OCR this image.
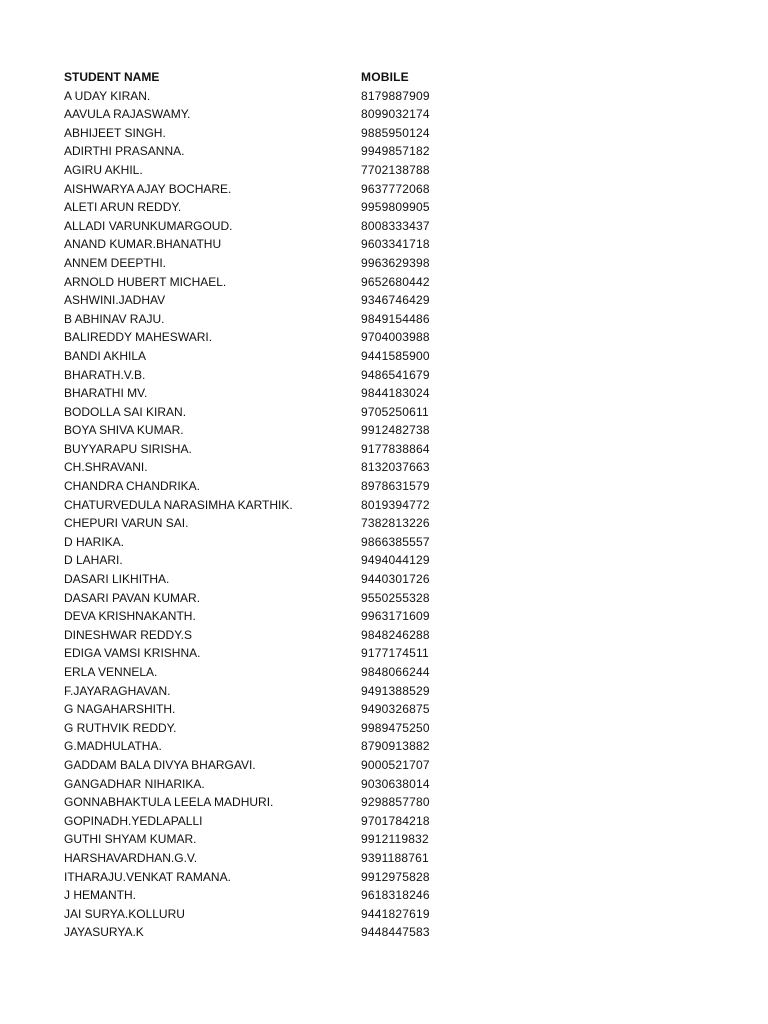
STUDENT NAME	MOBILE
A UDAY KIRAN.	8179887909
AAVULA RAJASWAMY.	8099032174
ABHIJEET SINGH.	9885950124
ADIRTHI PRASANNA.	9949857182
AGIRU AKHIL.	7702138788
AISHWARYA AJAY BOCHARE.	9637772068
ALETI ARUN REDDY.	9959809905
ALLADI VARUNKUMARGOUD.	8008333437
ANAND KUMAR.BHANATHU	9603341718
ANNEM DEEPTHI.	9963629398
ARNOLD HUBERT MICHAEL.	9652680442
ASHWINI.JADHAV	9346746429
B ABHINAV RAJU.	9849154486
BALIREDDY MAHESWARI.	9704003988
BANDI AKHILA	9441585900
BHARATH.V.B.	9486541679
BHARATHI MV.	9844183024
BODOLLA SAI KIRAN.	9705250611
BOYA SHIVA KUMAR.	9912482738
BUYYARAPU SIRISHA.	9177838864
CH.SHRAVANI.	8132037663
CHANDRA CHANDRIKA.	8978631579
CHATURVEDULA NARASIMHA KARTHIK.	8019394772
CHEPURI VARUN SAI.	7382813226
D HARIKA.	9866385557
D LAHARI.	9494044129
DASARI LIKHITHA.	9440301726
DASARI PAVAN KUMAR.	9550255328
DEVA KRISHNAKANTH.	9963171609
DINESHWAR REDDY.S	9848246288
EDIGA VAMSI KRISHNA.	9177174511
ERLA VENNELA.	9848066244
F.JAYARAGHAVAN.	9491388529
G NAGAHARSHITH.	9490326875
G RUTHVIK REDDY.	9989475250
G.MADHULATHA.	8790913882
GADDAM BALA DIVYA BHARGAVI.	9000521707
GANGADHAR NIHARIKA.	9030638014
GONNABHAKTULA LEELA MADHURI.	9298857780
GOPINADH.YEDLAPALLI	9701784218
GUTHI SHYAM KUMAR.	9912119832
HARSHAVARDHAN.G.V.	9391188761
ITHARAJU.VENKAT RAMANA.	9912975828
J HEMANTH.	9618318246
JAI SURYA.KOLLURU	9441827619
JAYASURYA.K	9448447583
